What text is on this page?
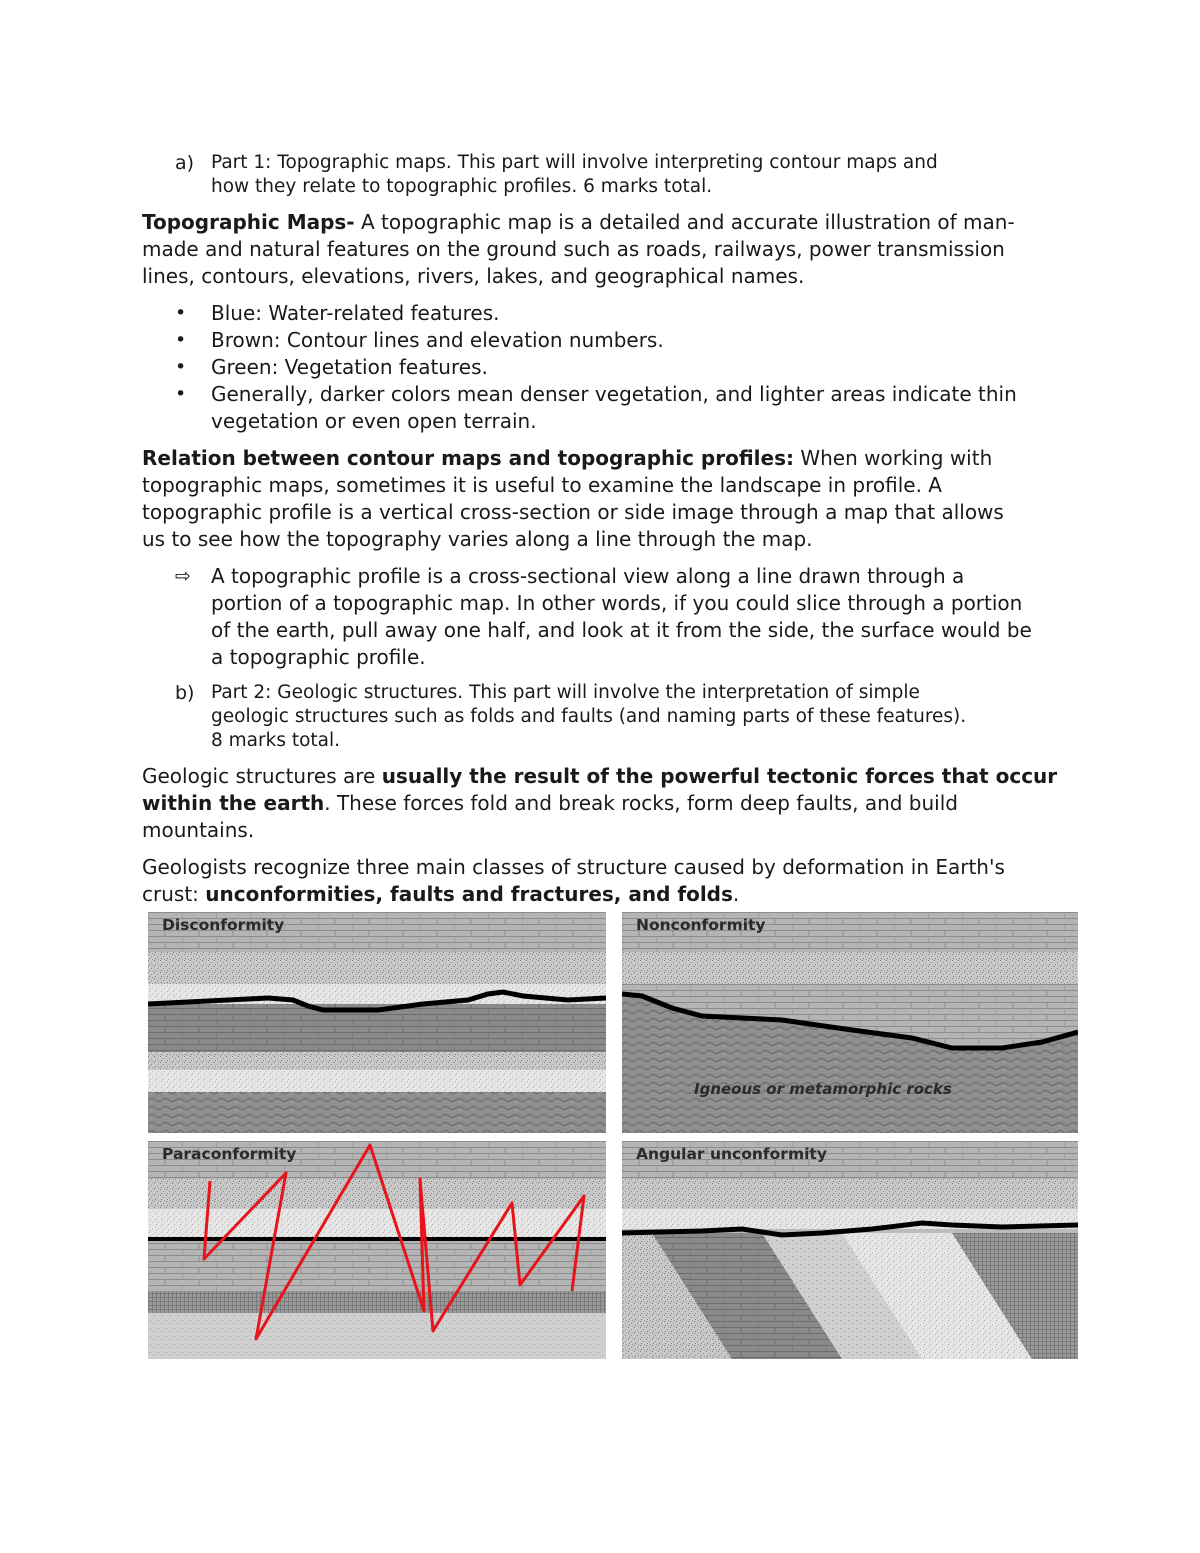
a) Part 1: Topographic maps. This part will involve interpreting contour maps and
how they relate to topographic profiles. 6 marks total.
Topographic Maps- A topographic map is a detailed and accurate illustration of man-
made and natural features on the ground such as roads, railways, power transmission
lines, contours, elevations, rivers, lakes, and geographical names.
• Blue: Water-related features.
• Brown: Contour lines and elevation numbers.
• Green: Vegetation features.
• Generally, darker colors mean denser vegetation, and lighter areas indicate thin
vegetation or even open terrain.
Relation between contour maps and topographic profiles: When working with
topographic maps, sometimes it is useful to examine the landscape in profile. A
topographic profile is a vertical cross-section or side image through a map that allows
us to see how the topography varies along a line through the map.
⇨ A topographic profile is a cross-sectional view along a line drawn through a
portion of a topographic map. In other words, if you could slice through a portion
of the earth, pull away one half, and look at it from the side, the surface would be
a topographic profile.
b) Part 2: Geologic structures. This part will involve the interpretation of simple
geologic structures such as folds and faults (and naming parts of these features).
8 marks total.
Geologic structures are usually the result of the powerful tectonic forces that occur
within the earth. These forces fold and break rocks, form deep faults, and build
mountains.
Geologists recognize three main classes of structure caused by deformation in Earth's
crust: unconformities, faults and fractures, and folds.
Disconformity	Nonconformity
Igneous or metamorphic rocks
Paraconformity	Angular unconformity
